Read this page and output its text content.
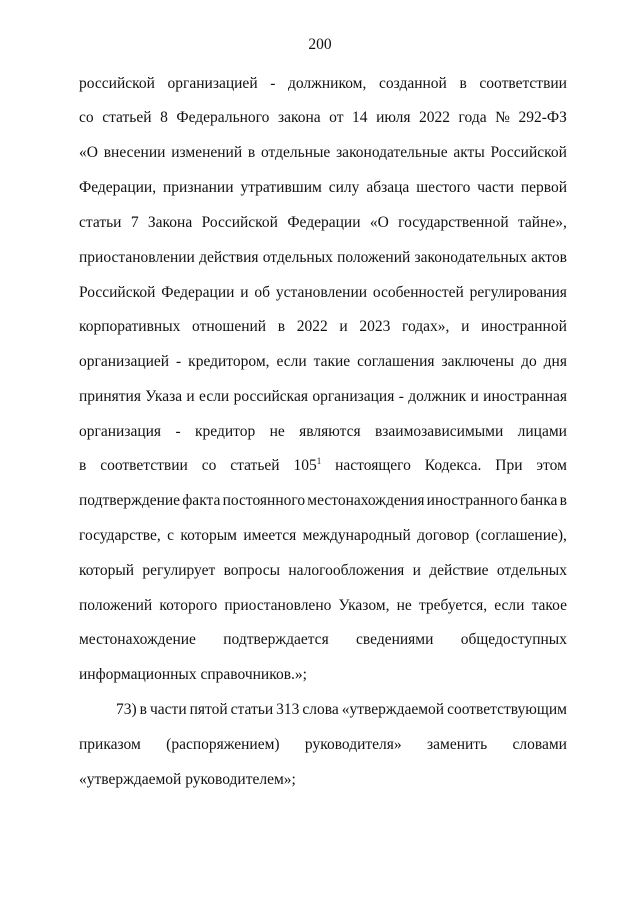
200
российской организацией - должником, созданной в соответствии
со статьей 8 Федерального закона от 14 июля 2022 года № 292-ФЗ
«О внесении изменений в отдельные законодательные акты Российской
Федерации, признании утратившим силу абзаца шестого части первой
статьи 7 Закона Российской Федерации «О государственной тайне»,
приостановлении действия отдельных положений законодательных актов
Российской Федерации и об установлении особенностей регулирования
корпоративных отношений в 2022 и 2023 годах», и иностранной
организацией - кредитором, если такие соглашения заключены до дня
принятия Указа и если российская организация - должник и иностранная
организация - кредитор не являются взаимозависимыми лицами
в соответствии со статьей $105^1$ настоящего Кодекса. При этом
подтверждение факта постоянного местонахождения иностранного банка в
государстве, с которым имеется международный договор (соглашение),
который регулирует вопросы налогообложения и действие отдельных
положений которого приостановлено Указом, не требуется, если такое
местонахождение подтверждается сведениями общедоступных
информационных справочников.»;
73) в части пятой статьи 313 слова «утверждаемой соответствующим
приказом (распоряжением) руководителя» заменить словами
«утверждаемой руководителем»;
